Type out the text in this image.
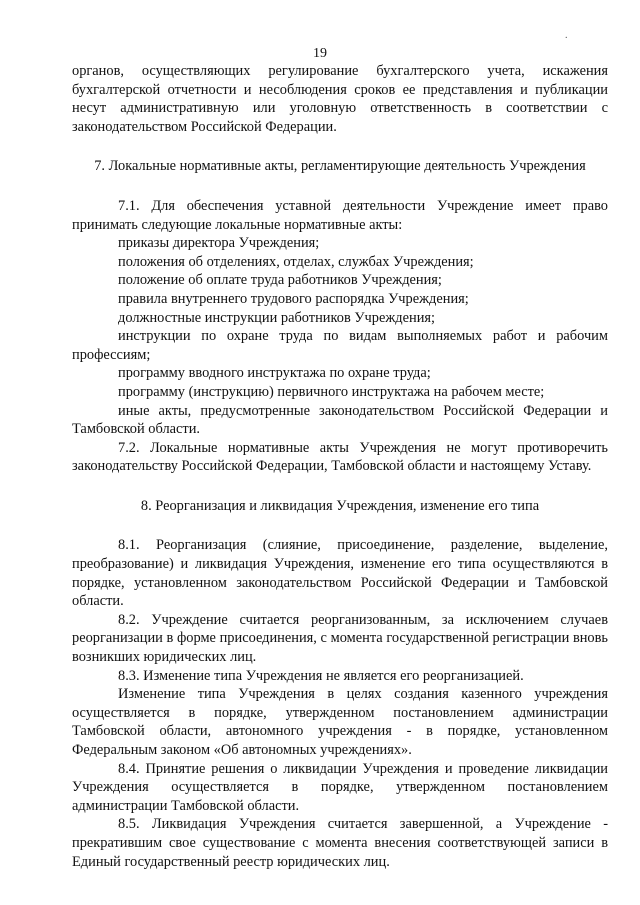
.
19

органов, осуществляющих регулирование бухгалтерского учета, искажения бухгалтерской отчетности и несоблюдения сроков ее представления и публикации несут административную или уголовную ответственность в соответствии с законодательством Российской Федерации.

7. Локальные нормативные акты, регламентирующие деятельность Учреждения

7.1. Для обеспечения уставной деятельности Учреждение имеет право принимать следующие локальные нормативные акты:

приказы директора Учреждения;

положения об отделениях, отделах, службах Учреждения;

положение об оплате труда работников Учреждения;

правила внутреннего трудового распорядка Учреждения;

должностные инструкции работников Учреждения;

инструкции по охране труда по видам выполняемых работ и рабочим профессиям;

программу вводного инструктажа по охране труда;

программу (инструкцию) первичного инструктажа на рабочем месте;

иные акты, предусмотренные законодательством Российской Федерации и Тамбовской области.

7.2. Локальные нормативные акты Учреждения не могут противоречить законодательству Российской Федерации, Тамбовской области и настоящему Уставу.

8. Реорганизация и ликвидация Учреждения, изменение его типа

8.1. Реорганизация (слияние, присоединение, разделение, выделение, преобразование) и ликвидация Учреждения, изменение его типа осуществляются в порядке, установленном законодательством Российской Федерации и Тамбовской области.

8.2. Учреждение считается реорганизованным, за исключением случаев реорганизации в форме присоединения, с момента государственной регистрации вновь возникших юридических лиц.

8.3. Изменение типа Учреждения не является его реорганизацией.

Изменение типа Учреждения в целях создания казенного учреждения осуществляется в порядке, утвержденном постановлением администрации Тамбовской области, автономного учреждения - в порядке, установленном Федеральным законом «Об автономных учреждениях».

8.4. Принятие решения о ликвидации Учреждения и проведение ликвидации Учреждения осуществляется в порядке, утвержденном постановлением администрации Тамбовской области.

8.5. Ликвидация Учреждения считается завершенной, а Учреждение - прекратившим свое существование с момента внесения соответствующей записи в Единый государственный реестр юридических лиц.
